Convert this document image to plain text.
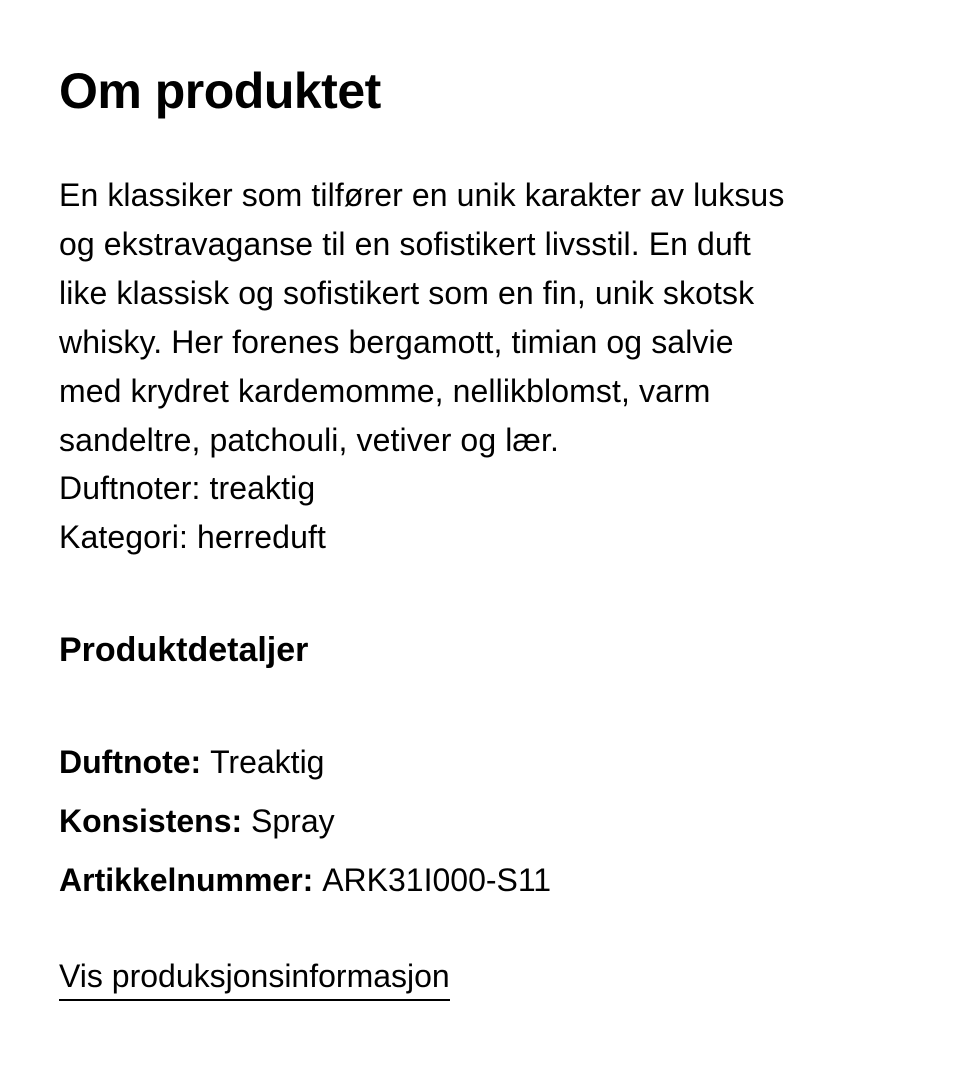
Om produktet

En klassiker som tilfører en unik karakter av luksus
og ekstravaganse til en sofistikert livsstil. En duft
like klassisk og sofistikert som en fin, unik skotsk
whisky. Her forenes bergamott, timian og salvie
med krydret kardemomme, nellikblomst, varm
sandeltre, patchouli, vetiver og lær.
Duftnoter: treaktig
Kategori: herreduft

Produktdetaljer
Duftnote: Treaktig
Konsistens: Spray
Artikkelnummer: ARK31I000-S11
Vis produksjonsinformasjon
